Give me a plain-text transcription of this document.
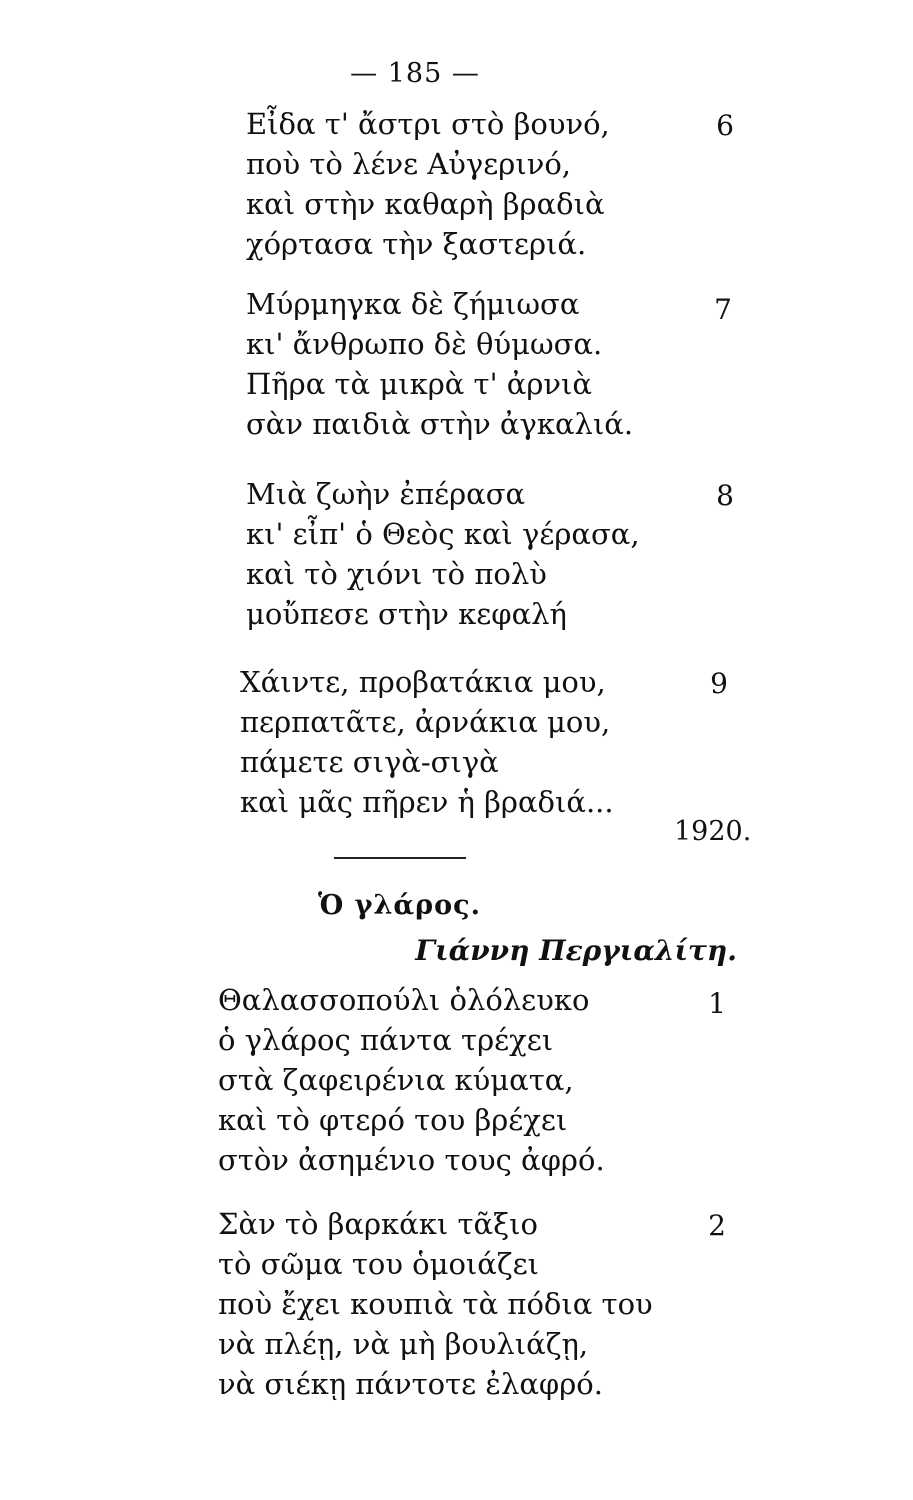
— 185 —
Εἶδα τ' ἄστρι στὸ βουνό,
ποὺ τὸ λένε Αὐγερινό,
καὶ στὴν καθαρὴ βραδιὰ
χόρτασα τὴν ξαστεριά.
6
Μύρμηγκα δὲ ζήμιωσα
κι' ἄνθρωπο δὲ θύμωσα.
Πῆρα τὰ μικρὰ τ' ἀρνιὰ
σὰν παιδιὰ στὴν ἀγκαλιά.
7
Μιὰ ζωὴν ἐπέρασα
κι' εἶπ' ὁ Θεὸς καὶ γέρασα,
καὶ τὸ χιόνι τὸ πολὺ
μοὔπεσε στὴν κεφαλή
8
Χάιντε, προβατάκια μου,
περπατᾶτε, ἀρνάκια μου,
πάμετε σιγὰ-σιγὰ
καὶ μᾶς πῆρεν ἡ βραδιά...
9
1920.
Ὁ γλάρος.
Γιάννη Περγιαλίτη.
Θαλασσοπούλι ὁλόλευκο
ὁ γλάρος πάντα τρέχει
στὰ ζαφειρένια κύματα,
καὶ τὸ φτερό του βρέχει
στὸν ἀσημένιο τους ἀφρό.
1
Σὰν τὸ βαρκάκι τᾶξιο
τὸ σῶμα του ὁμοιάζει
ποὺ ἔχει κουπιὰ τὰ πόδια του
νὰ πλέῃ, νὰ μὴ βουλιάζῃ,
νὰ σιέκῃ πάντοτε ἐλαφρό.
2
